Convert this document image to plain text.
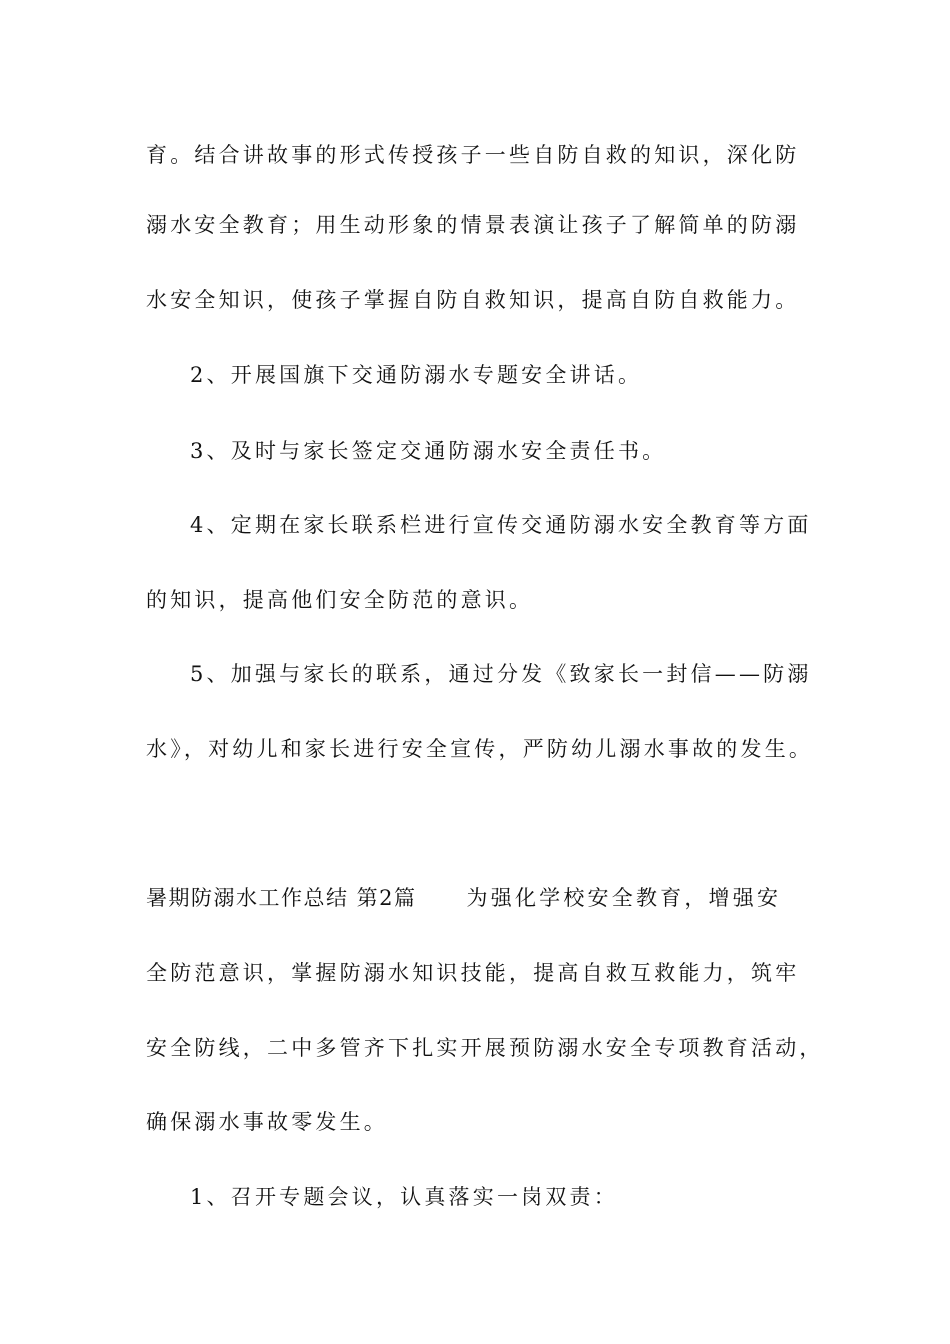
育。结合讲故事的形式传授孩子一些自防自救的知识，深化防
溺水安全教育；用生动形象的情景表演让孩子了解简单的防溺
水安全知识，使孩子掌握自防自救知识，提高自防自救能力。
2、开展国旗下交通防溺水专题安全讲话。
3、及时与家长签定交通防溺水安全责任书。
4、定期在家长联系栏进行宣传交通防溺水安全教育等方面
的知识，提高他们安全防范的意识。
5、加强与家长的联系，通过分发《致家长一封信——防溺
水》，对幼儿和家长进行安全宣传，严防幼儿溺水事故的发生。
暑期防溺水工作总结 第2篇 为强化学校安全教育，增强安
全防范意识，掌握防溺水知识技能，提高自救互救能力，筑牢
安全防线，二中多管齐下扎实开展预防溺水安全专项教育活动，
确保溺水事故零发生。
1、召开专题会议，认真落实一岗双责：
